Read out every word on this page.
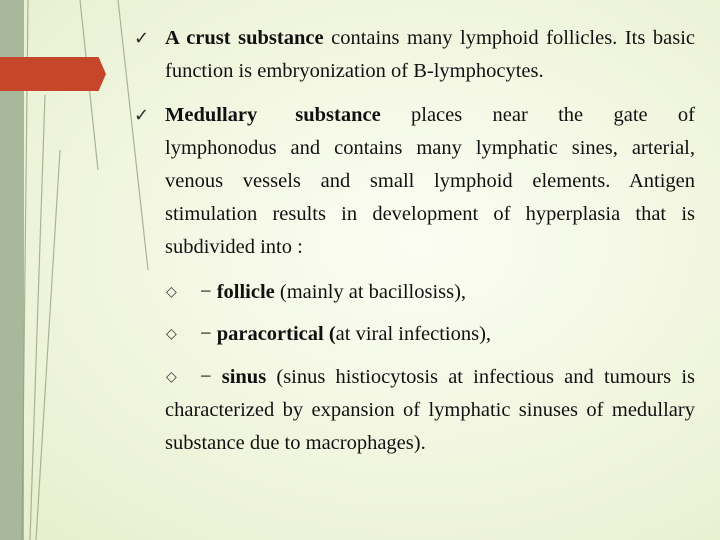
✓ A crust substance contains many lymphoid follicles. Its basic function is embryonization of B-lymphocytes.
✓ Medullary substance places near the gate of
lymphonodus and contains many lymphatic sines, arterial, venous vessels and small lymphoid elements. Antigen stimulation results in development of hyperplasia that is subdivided into :
◇ − follicle (mainly at bacillosiss),
◇ − paracortical (at viral infections),
◇	− sinus (sinus histiocytosis at infectious and tumours is characterized by expansion of lymphatic sinuses of medullary substance due to macrophages).
